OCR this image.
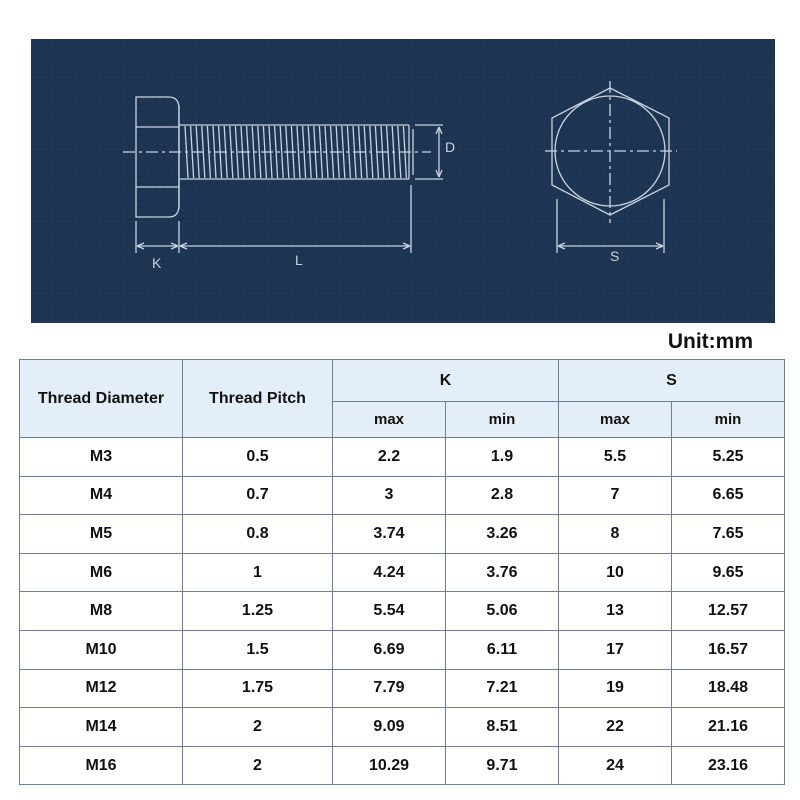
K	L
D
S
Unit:mm
Thread Diameter	Thread Pitch	K		S	
		max	min	max	min
M3	0.5	2.2	1.9	5.5	5.25
M4	0.7	3	2.8	7	6.65
M5	0.8	3.74	3.26	8	7.65
M6	1	4.24	3.76	10	9.65
M8	1.25	5.54	5.06	13	12.57
M10	1.5	6.69	6.11	17	16.57
M12	1.75	7.79	7.21	19	18.48
M14	2	9.09	8.51	22	21.16
M16	2	10.29	9.71	24	23.16
